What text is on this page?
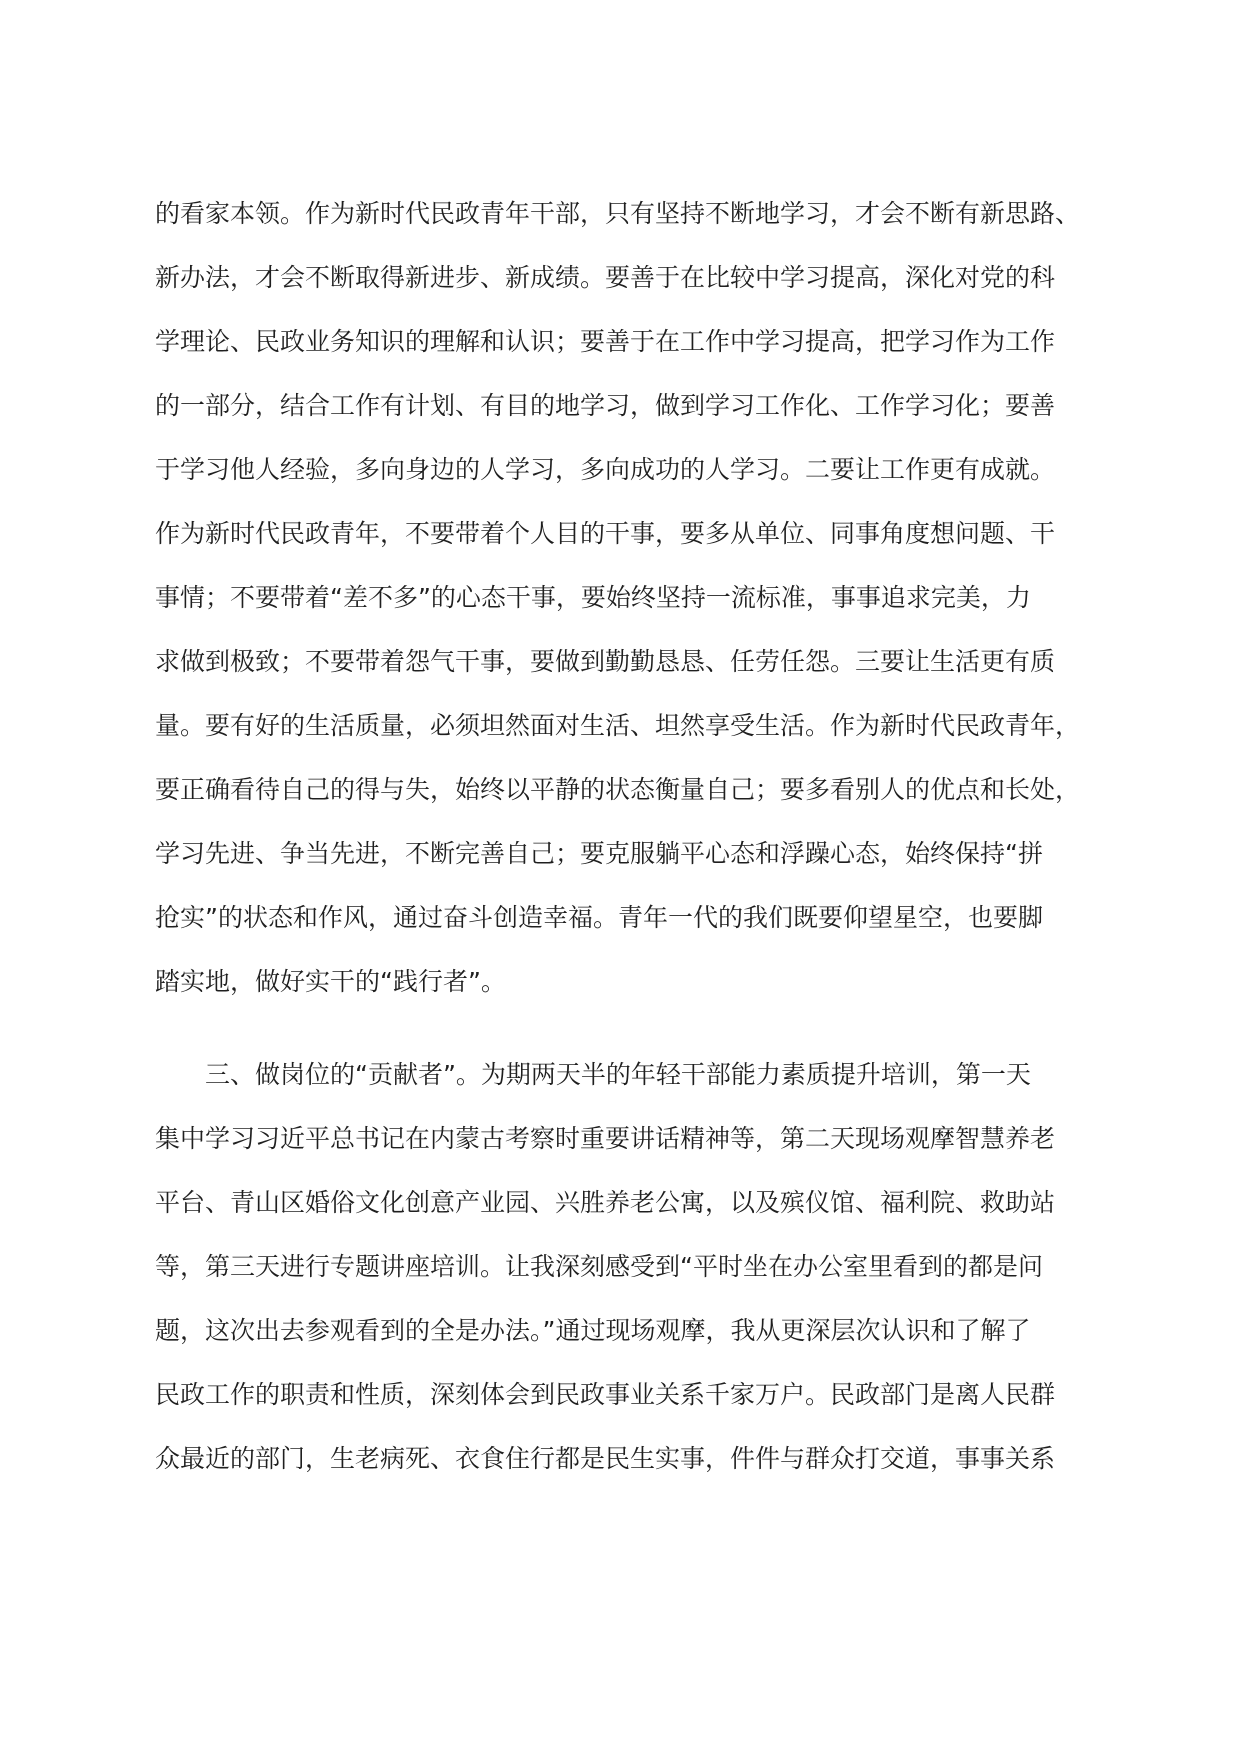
的看家本领。作为新时代民政青年干部，只有坚持不断地学习，才会不断有新思路、
新办法，才会不断取得新进步、新成绩。要善于在比较中学习提高，深化对党的科
学理论、民政业务知识的理解和认识；要善于在工作中学习提高，把学习作为工作
的一部分，结合工作有计划、有目的地学习，做到学习工作化、工作学习化；要善
于学习他人经验，多向身边的人学习，多向成功的人学习。二要让工作更有成就。
作为新时代民政青年，不要带着个人目的干事，要多从单位、同事角度想问题、干
事情；不要带着“差不多”的心态干事，要始终坚持一流标准，事事追求完美，力
求做到极致；不要带着怨气干事，要做到勤勤恳恳、任劳任怨。三要让生活更有质
量。要有好的生活质量，必须坦然面对生活、坦然享受生活。作为新时代民政青年，
要正确看待自己的得与失，始终以平静的状态衡量自己；要多看别人的优点和长处，
学习先进、争当先进，不断完善自己；要克服躺平心态和浮躁心态，始终保持“拼
抢实”的状态和作风，通过奋斗创造幸福。青年一代的我们既要仰望星空，也要脚
踏实地，做好实干的“践行者”。
三、做岗位的“贡献者”。为期两天半的年轻干部能力素质提升培训，第一天
集中学习习近平总书记在内蒙古考察时重要讲话精神等，第二天现场观摩智慧养老
平台、青山区婚俗文化创意产业园、兴胜养老公寓，以及殡仪馆、福利院、救助站
等，第三天进行专题讲座培训。让我深刻感受到“平时坐在办公室里看到的都是问
题，这次出去参观看到的全是办法。”通过现场观摩，我从更深层次认识和了解了
民政工作的职责和性质，深刻体会到民政事业关系千家万户。民政部门是离人民群
众最近的部门，生老病死、衣食住行都是民生实事，件件与群众打交道，事事关系
